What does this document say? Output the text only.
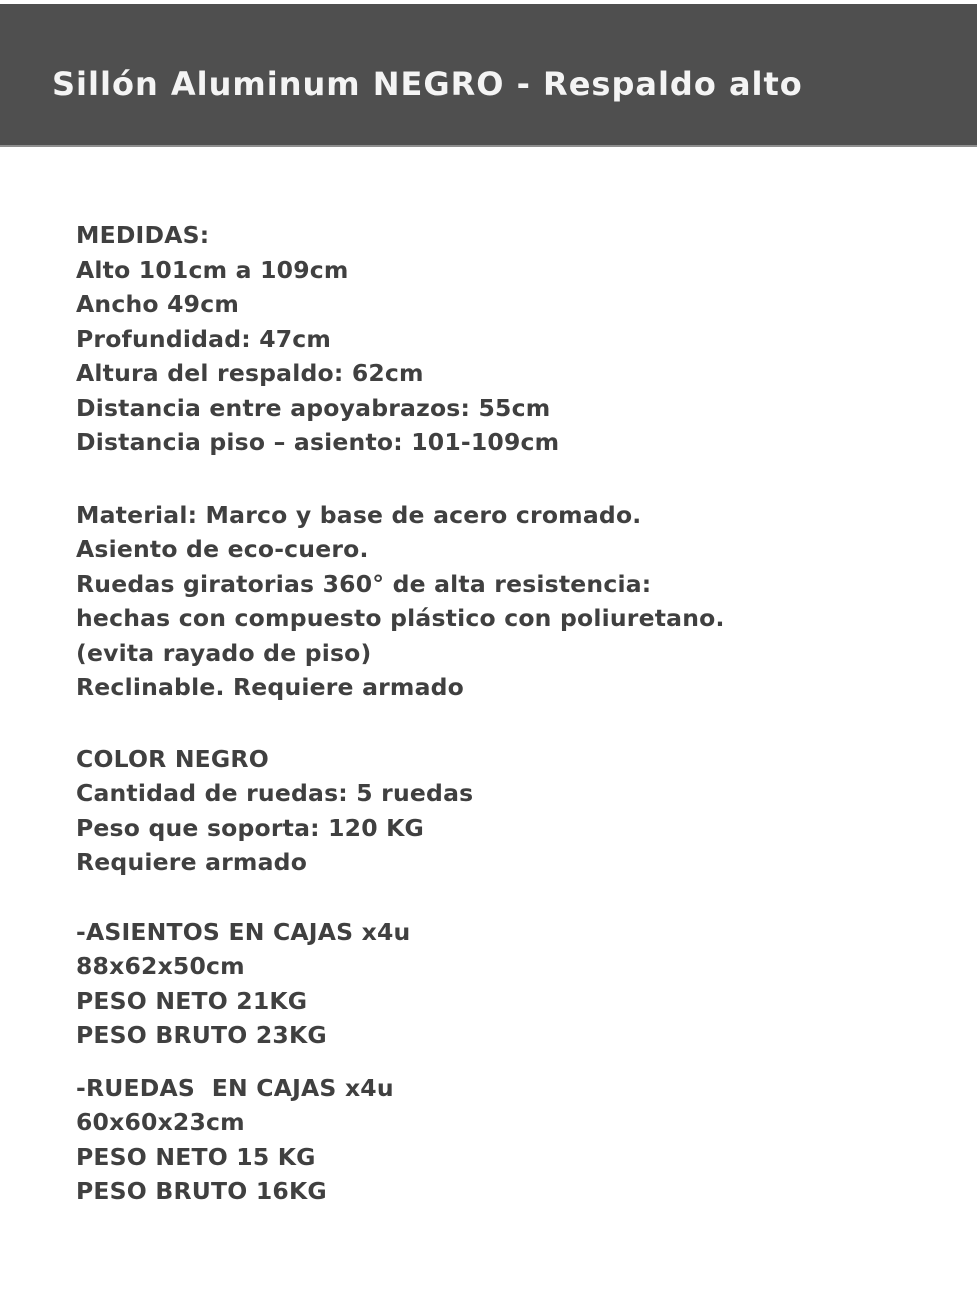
Sillón Aluminum NEGRO - Respaldo alto
MEDIDAS:
Alto 101cm a 109cm
Ancho 49cm
Profundidad: 47cm
Altura del respaldo: 62cm
Distancia entre apoyabrazos: 55cm
Distancia piso – asiento: 101-109cm
Material: Marco y base de acero cromado.
Asiento de eco-cuero.
Ruedas giratorias 360° de alta resistencia:
hechas con compuesto plástico con poliuretano.
(evita rayado de piso)
Reclinable. Requiere armado
COLOR NEGRO
Cantidad de ruedas: 5 ruedas
Peso que soporta: 120 KG
Requiere armado
-ASIENTOS EN CAJAS x4u
88x62x50cm
PESO NETO 21KG
PESO BRUTO 23KG
-RUEDAS  EN CAJAS x4u
60x60x23cm
PESO NETO 15 KG
PESO BRUTO 16KG
